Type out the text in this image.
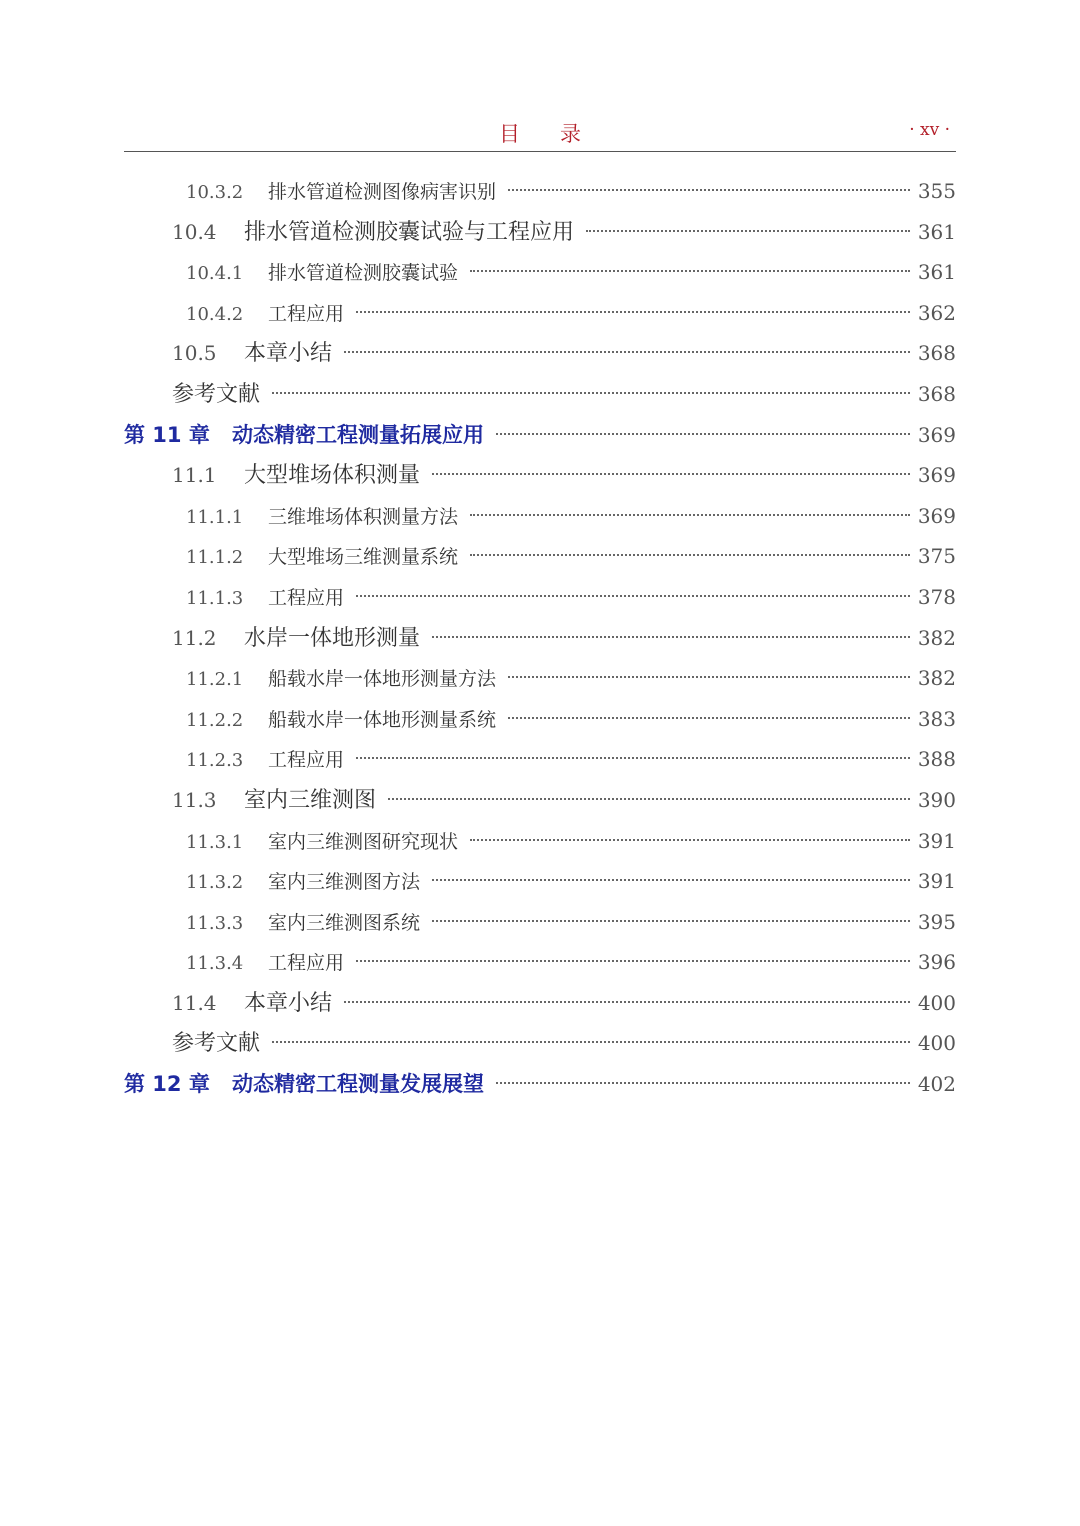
目录	· xv ·
10.3.2	排水管道检测图像病害识别	355
10.4	排水管道检测胶囊试验与工程应用	361
10.4.1	排水管道检测胶囊试验	361
10.4.2	工程应用	362
10.5	本章小结	368
参考文献	368
第 11 章	动态精密工程测量拓展应用	369
11.1	大型堆场体积测量	369
11.1.1	三维堆场体积测量方法	369
11.1.2	大型堆场三维测量系统	375
11.1.3	工程应用	378
11.2	水岸一体地形测量	382
11.2.1	船载水岸一体地形测量方法	382
11.2.2	船载水岸一体地形测量系统	383
11.2.3	工程应用	388
11.3	室内三维测图	390
11.3.1	室内三维测图研究现状	391
11.3.2	室内三维测图方法	391
11.3.3	室内三维测图系统	395
11.3.4	工程应用	396
11.4	本章小结	400
参考文献	400
第 12 章	动态精密工程测量发展展望	402
